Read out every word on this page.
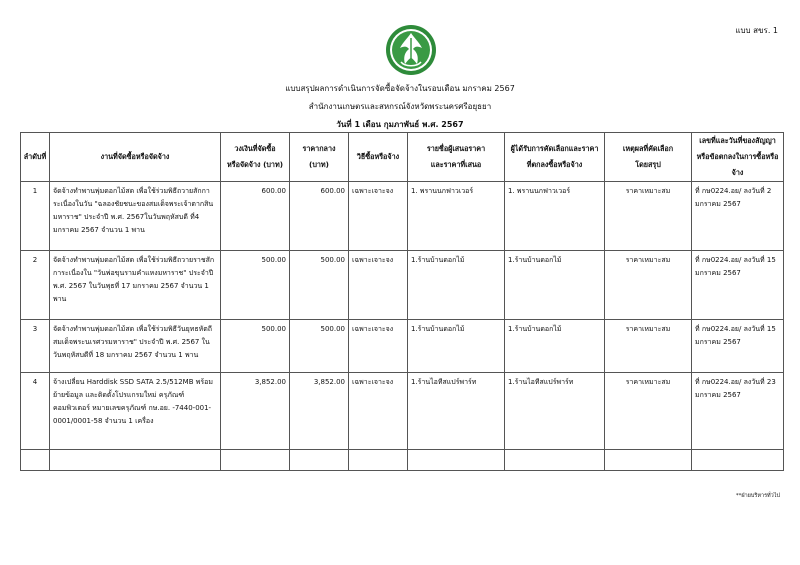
แบบ สขร. 1
แบบสรุปผลการดำเนินการจัดซื้อจัดจ้างในรอบเดือน มกราคม 2567
สำนักงานเกษตรและสหกรณ์จังหวัดพระนครศรีอยุธยา
วันที่ 1 เดือน กุมภาพันธ์ พ.ศ. 2567
ลำดับที่	งานที่จัดซื้อหรือจัดจ้าง	วงเงินที่จัดซื้อ
หรือจัดจ้าง (บาท)	ราคากลาง
(บาท)	วิธีซื้อหรือจ้าง	รายชื่อผู้เสนอราคา
และราคาที่เสนอ	ผู้ได้รับการคัดเลือกและราคา
ที่ตกลงซื้อหรือจ้าง	เหตุผลที่คัดเลือก
โดยสรุป	เลขที่และวันที่ของสัญญา
หรือข้อตกลงในการซื้อหรือจ้าง

1	จัดจ้างทำพานพุ่มดอกไม้สด เพื่อใช้ร่วมพิธีถวายสักการะเนื่องในวัน "ฉลองชัยชนะของสมเด็จพระเจ้าตากสินมหาราช" ประจำปี พ.ศ. 2567ในวันพฤหัสบดี ที่4 มกราคม 2567 จำนวน 1 พาน	600.00	600.00	เฉพาะเจาะจง	1. พรานนกฟาวเวอร์	1. พรานนกฟาวเวอร์	ราคาเหมาะสม	ที่ กษ0224.อย/ ลงวันที่ 2 มกราคม 2567
2	จัดจ้างทำพานพุ่มดอกไม้สด เพื่อใช้ร่วมพิธีถวายราชสักการะเนื่องใน "วันพ่อขุนรามคำแหงมหาราช" ประจำปี พ.ศ. 2567 ในวันพุธที่ 17 มกราคม 2567 จำนวน 1 พาน	500.00	500.00	เฉพาะเจาะจง	1.ร้านบ้านดอกไม้	1.ร้านบ้านดอกไม้	ราคาเหมาะสม	ที่ กษ0224.อย/ ลงวันที่ 15 มกราคม 2567
3	จัดจ้างทำพานพุ่มดอกไม้สด เพื่อใช้ร่วมพิธีวันยุทธหัตถีสมเด็จพระนเรศวรมหาราช" ประจำปี พ.ศ. 2567 ในวันพฤหัสบดีที่ 18 มกราคม 2567 จำนวน 1 พาน	500.00	500.00	เฉพาะเจาะจง	1.ร้านบ้านดอกไม้	1.ร้านบ้านดอกไม้	ราคาเหมาะสม	ที่ กษ0224.อย/ ลงวันที่ 15 มกราคม 2567
4	จ้างเปลี่ยน Harddisk SSD SATA 2.5/512MB พร้อมย้ายข้อมูล และติดตั้งโปรแกรมใหม่ ครุภัณฑ์คอมพิวเตอร์ หมายเลขครุภัณฑ์ กษ.อย. -7440-001-0001/0001-58 จำนวน 1 เครื่อง	3,852.00	3,852.00	เฉพาะเจาะจง	1.ร้านไอทีสแปร์พาร์ท	1.ร้านไอทีสแปร์พาร์ท	ราคาเหมาะสม	ที่ กษ0224.อย/ ลงวันที่ 23 มกราคม 2567

**ฝ่ายบริหารทั่วไป
